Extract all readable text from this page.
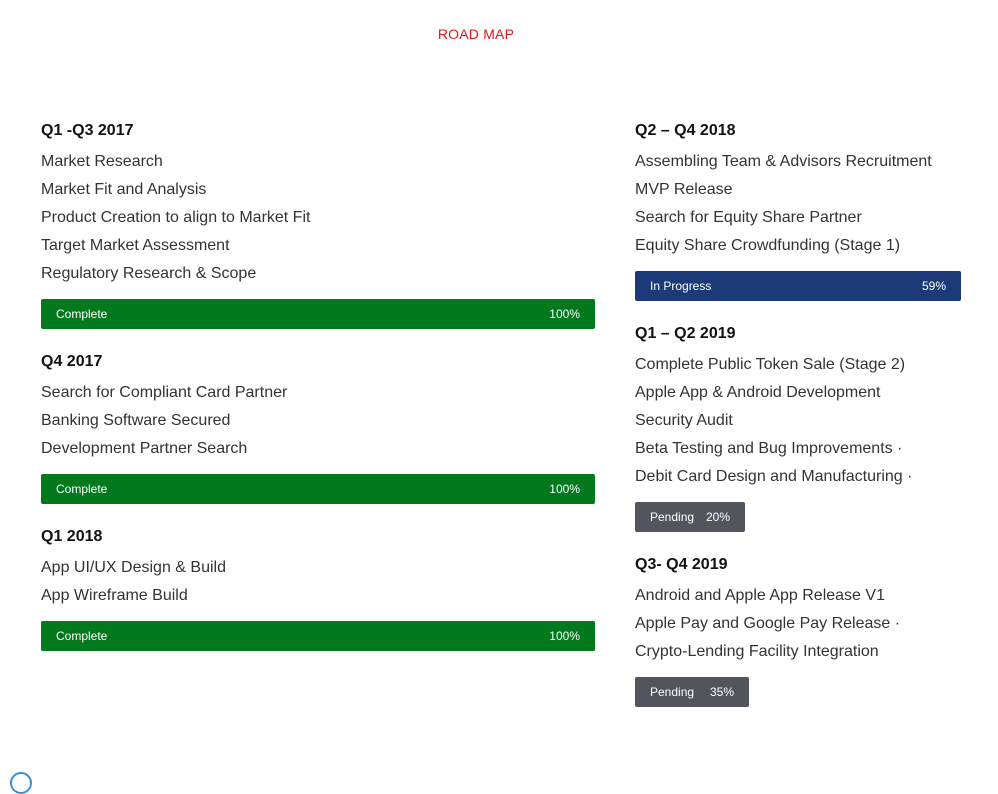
ROAD MAP
Q1 -Q3 2017
Market Research
Market Fit and Analysis
Product Creation to align to Market Fit
Target Market Assessment
Regulatory Research & Scope
Complete	100%
Q4 2017
Search for Compliant Card Partner
Banking Software Secured
Development Partner Search
Complete	100%
Q1 2018
App UI/UX Design & Build
App Wireframe Build
Complete	100%
Q2 – Q4 2018
Assembling Team & Advisors Recruitment
MVP Release
Search for Equity Share Partner
Equity Share Crowdfunding (Stage 1)
In Progress	59%
Q1 – Q2 2019
Complete Public Token Sale (Stage 2)
Apple App & Android Development
Security Audit
Beta Testing and Bug Improvements ·
Debit Card Design and Manufacturing ·
Pending 20%
Q3- Q4 2019
Android and Apple App Release V1
Apple Pay and Google Pay Release ·
Crypto-Lending Facility Integration
Pending 35%
